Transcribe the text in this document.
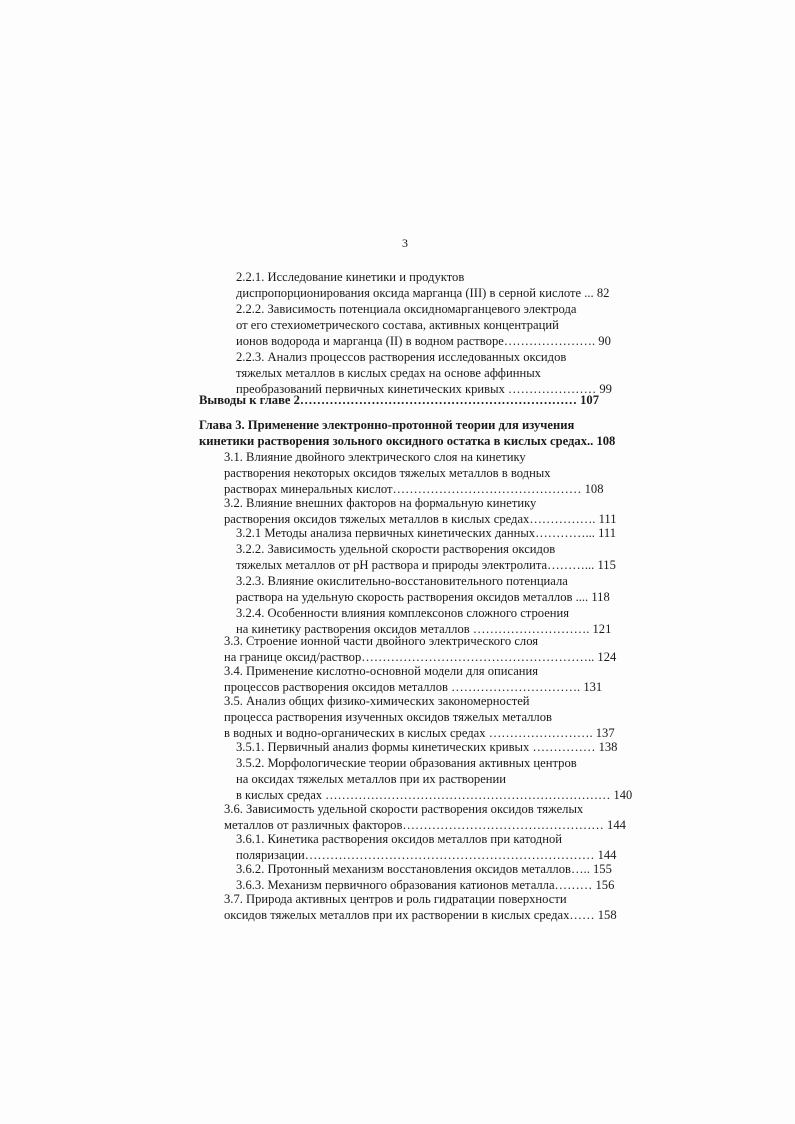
3
2.2.1. Исследование кинетики и продуктов
диспропорционирования оксида марганца (III) в серной кислоте ... 82
2.2.2. Зависимость потенциала оксидномарганцевого электрода
от его стехиометрического состава, активных концентраций
ионов водорода и марганца (II) в водном растворе…………………. 90
2.2.3. Анализ процессов растворения исследованных оксидов
тяжелых металлов в кислых средах на основе аффинных
преобразований первичных кинетических кривых ………………… 99
Выводы к главе 2………………………………………………………… 107
Глава 3. Применение электронно-протонной теории для изучения
кинетики растворения зольного оксидного остатка в кислых средах.. 108
3.1. Влияние двойного электрического слоя на кинетику
растворения некоторых оксидов тяжелых металлов в водных
растворах минеральных кислот……………………………………… 108
3.2. Влияние внешних факторов на формальную кинетику
растворения оксидов тяжелых металлов в кислых средах……………. 111
3.2.1 Методы анализа первичных кинетических данных…………... 111
3.2.2. Зависимость удельной скорости растворения оксидов
тяжелых металлов от pH раствора и природы электролита………... 115
3.2.3. Влияние окислительно-восстановительного потенциала
раствора на удельную скорость растворения оксидов металлов .... 118
3.2.4. Особенности влияния комплексонов сложного строения
на кинетику растворения оксидов металлов ………………………. 121
3.3. Строение ионной части двойного электрического слоя
на границе оксид/раствор……………………………………………….. 124
3.4. Применение кислотно-основной модели для описания
процессов растворения оксидов металлов …………………………. 131
3.5. Анализ общих физико-химических закономерностей
процесса растворения изученных оксидов тяжелых металлов
в водных и водно-органических в кислых средах ……………………. 137
3.5.1. Первичный анализ формы кинетических кривых …………… 138
3.5.2. Морфологические теории образования активных центров
на оксидах тяжелых металлов при их растворении
в кислых средах …………………………………………………………… 140
3.6. Зависимость удельной скорости растворения оксидов тяжелых
металлов от различных факторов………………………………………… 144
3.6.1. Кинетика растворения оксидов металлов при катодной
поляризации…………………………………………………………… 144
3.6.2. Протонный механизм восстановления оксидов металлов….. 155
3.6.3. Механизм первичного образования катионов металла……… 156
3.7. Природа активных центров и роль гидратации поверхности
оксидов тяжелых металлов при их растворении в кислых средах…… 158
